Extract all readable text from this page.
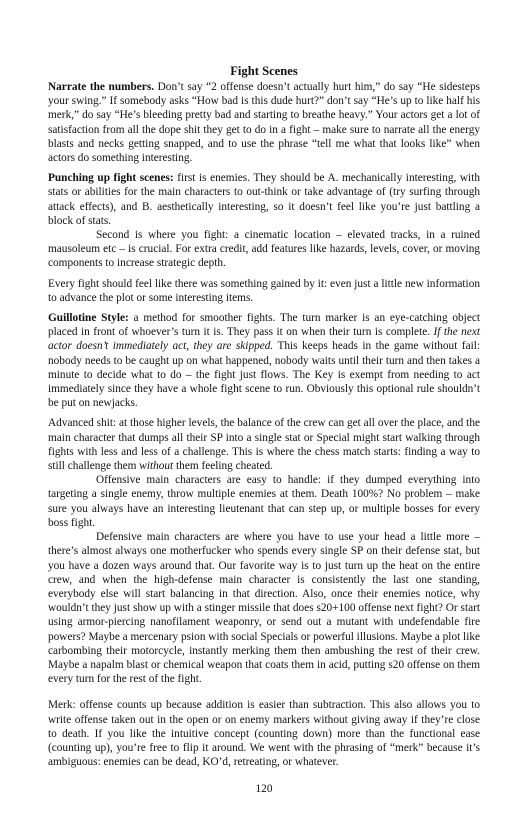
Fight Scenes

Narrate the numbers. Don’t say “2 offense doesn’t actually hurt him,” do say “He sidesteps your swing.” If somebody asks “How bad is this dude hurt?” don’t say “He’s up to like half his merk,” do say “He’s bleeding pretty bad and starting to breathe heavy.” Your actors get a lot of satisfaction from all the dope shit they get to do in a fight – make sure to narrate all the energy blasts and necks getting snapped, and to use the phrase “tell me what that looks like” when actors do something interesting.

Punching up fight scenes: first is enemies. They should be A. mechanically interesting, with stats or abilities for the main characters to out-think or take advantage of (try surfing through attack effects), and B. aesthetically interesting, so it doesn’t feel like you’re just battling a block of stats.

Second is where you fight: a cinematic location – elevated tracks, in a ruined mausoleum etc – is crucial. For extra credit, add features like hazards, levels, cover, or moving components to increase strategic depth.

Every fight should feel like there was something gained by it: even just a little new information to advance the plot or some interesting items.

Guillotine Style: a method for smoother fights. The turn marker is an eye-catching object placed in front of whoever’s turn it is. They pass it on when their turn is complete. If the next actor doesn’t immediately act, they are skipped. This keeps heads in the game without fail: nobody needs to be caught up on what happened, nobody waits until their turn and then takes a minute to decide what to do – the fight just flows. The Key is exempt from needing to act immediately since they have a whole fight scene to run. Obviously this optional rule shouldn’t be put on newjacks.

Advanced shit: at those higher levels, the balance of the crew can get all over the place, and the main character that dumps all their SP into a single stat or Special might start walking through fights with less and less of a challenge. This is where the chess match starts: finding a way to still challenge them without them feeling cheated.

Offensive main characters are easy to handle: if they dumped everything into targeting a single enemy, throw multiple enemies at them. Death 100%? No problem – make sure you always have an interesting lieutenant that can step up, or multiple bosses for every boss fight.

Defensive main characters are where you have to use your head a little more – there’s almost always one motherfucker who spends every single SP on their defense stat, but you have a dozen ways around that. Our favorite way is to just turn up the heat on the entire crew, and when the high-defense main character is consistently the last one standing, everybody else will start balancing in that direction. Also, once their enemies notice, why wouldn’t they just show up with a stinger missile that does s20+100 offense next fight? Or start using armor-piercing nanofilament weaponry, or send out a mutant with undefendable fire powers? Maybe a mercenary psion with social Specials or powerful illusions. Maybe a plot like carbombing their motorcycle, instantly merking them then ambushing the rest of their crew. Maybe a napalm blast or chemical weapon that coats them in acid, putting s20 offense on them every turn for the rest of the fight.

Merk: offense counts up because addition is easier than subtraction. This also allows you to write offense taken out in the open or on enemy markers without giving away if they’re close to death. If you like the intuitive concept (counting down) more than the functional ease (counting up), you’re free to flip it around. We went with the phrasing of “merk” because it’s ambiguous: enemies can be dead, KO’d, retreating, or whatever.

120
